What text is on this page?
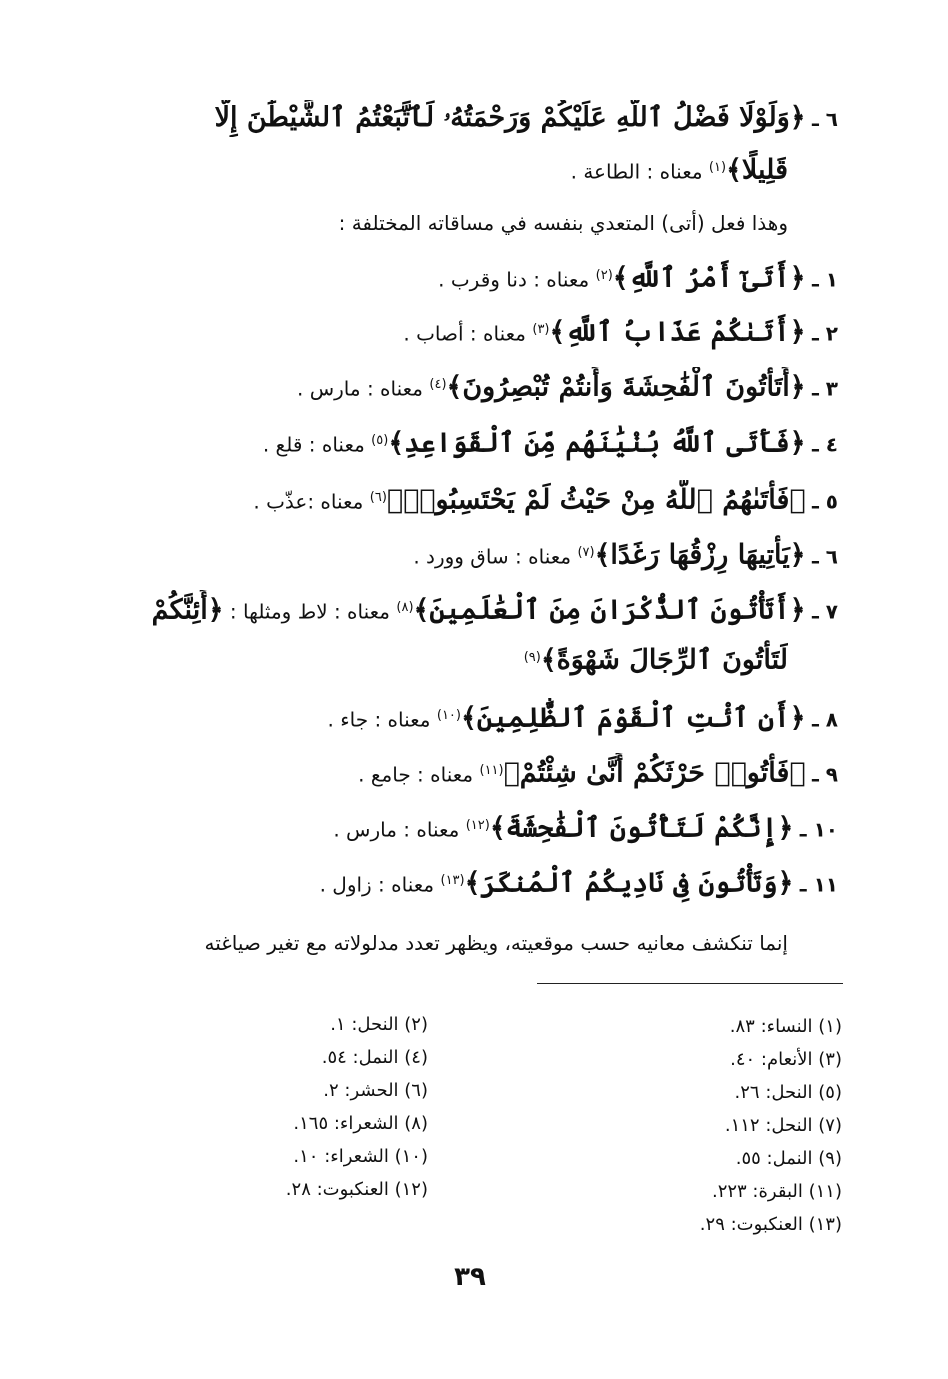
٦ ـ ﴿وَلَوْلَا فَضْلُ ٱللَّهِ عَلَيْكُمْ وَرَحْمَتُهُۥ لَٱتَّبَعْتُمُ ٱلشَّيْطَٰنَ إِلَّا
قَلِيلًا﴾$^{(١)}$ معناه : الطاعة .
وهذا فعل (أتى) المتعدي بنفسه في مساقاته المختلفة :
١ ـ ﴿أَتَىٰٓ أَمْرُ ٱللَّهِ﴾$^{(٢)}$ معناه : دنا وقرب .
٢ ـ ﴿أَتَىٰكُمْ عَذَابُ ٱللَّهِ﴾$^{(٣)}$ معناه : أصاب .
٣ ـ ﴿أَتَأْتُونَ ٱلْفَٰحِشَةَ وَأَنتُمْ تُبْصِرُونَ﴾$^{(٤)}$ معناه : مارس .
٤ ـ ﴿فَأَتَى ٱللَّهُ بُنْيَٰنَهُم مِّنَ ٱلْقَوَاعِدِ﴾$^{(٥)}$ معناه : قلع .
٥ ـ ﴿فَأَتَىٰهُمُ ٱللَّهُ مِنْ حَيْثُ لَمْ يَحْتَسِبُوا۟﴾$^{(٦)}$ معناه :عذّب .
٦ ـ ﴿يَأْتِيهَا رِزْقُهَا رَغَدًا﴾$^{(٧)}$ معناه : ساق وورد .
٧ ـ ﴿أَتَأْتُونَ ٱلذُّكْرَانَ مِنَ ٱلْعَٰلَمِينَ﴾$^{(٨)}$ معناه : لاط ومثلها : ﴿أَئِنَّكُمْ
لَتَأْتُونَ ٱلرِّجَالَ شَهْوَةً﴾$^{(٩)}$
٨ ـ ﴿أَنِ ٱئْتِ ٱلْقَوْمَ ٱلظَّٰلِمِينَ﴾$^{(١٠)}$ معناه : جاء .
٩ ـ ﴿فَأْتُوا۟ حَرْثَكُمْ أَنَّىٰ شِئْتُمْ﴾$^{(١١)}$ معناه : جامع .
١٠ ـ ﴿إِنَّكُمْ لَتَأْتُونَ ٱلْفَٰحِشَةَ﴾$^{(١٢)}$ معناه : مارس .
١١ ـ ﴿وَتَأْتُونَ فِى نَادِيكُمُ ٱلْمُنكَرَ﴾$^{(١٣)}$ معناه : زاول .
إنما تنكشف معانيه حسب موقعيته، ويظهر تعدد مدلولاته مع تغير صياغته
(١) النساء: ٨٣.
(٣) الأنعام: ٤٠.
(٥) النحل: ٢٦.
(٧) النحل: ١١٢.
(٩) النمل: ٥٥.
(١١) البقرة: ٢٢٣.
(١٣) العنكبوت: ٢٩.
(٢) النحل: ١.
(٤) النمل: ٥٤.
(٦) الحشر: ٢.
(٨) الشعراء: ١٦٥.
(١٠) الشعراء: ١٠.
(١٢) العنكبوت: ٢٨.
٣٩
